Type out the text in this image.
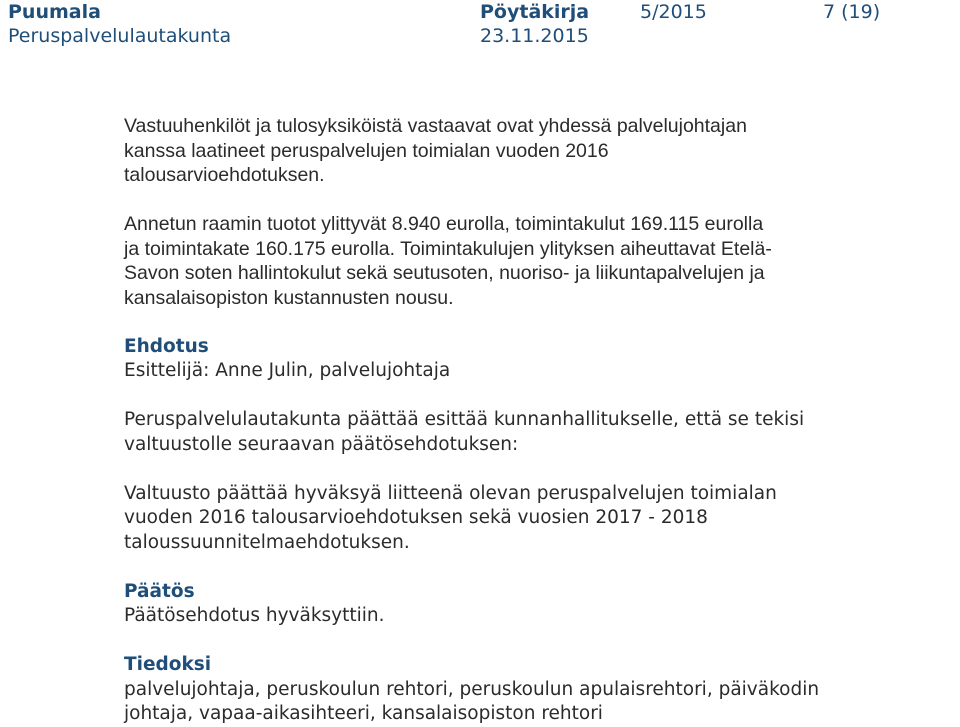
Puumala
Peruspalvelulautakunta
Pöytäkirja
23.11.2015
5/2015	7 (19)

Vastuuhenkilöt ja tulosyksiköistä vastaavat ovat yhdessä palvelujohtajan
kanssa laatineet peruspalvelujen toimialan vuoden 2016
talousarvioehdotuksen.

Annetun raamin tuotot ylittyvät 8.940 eurolla, toimintakulut 169.115 eurolla
ja toimintakate 160.175 eurolla. Toimintakulujen ylityksen aiheuttavat Etelä-
Savon soten hallintokulut sekä seutusoten, nuoriso- ja liikuntapalvelujen ja
kansalaisopiston kustannusten nousu.

Ehdotus
Esittelijä: Anne Julin, palvelujohtaja

Peruspalvelulautakunta päättää esittää kunnanhallitukselle, että se tekisi
valtuustolle seuraavan päätösehdotuksen:

Valtuusto päättää hyväksyä liitteenä olevan peruspalvelujen toimialan
vuoden 2016 talousarvioehdotuksen sekä vuosien 2017 - 2018
taloussuunnitelmaehdotuksen.

Päätös
Päätösehdotus hyväksyttiin.

Tiedoksi
palvelujohtaja, peruskoulun rehtori, peruskoulun apulaisrehtori, päiväkodin
johtaja, vapaa-aikasihteeri, kansalaisopiston rehtori
